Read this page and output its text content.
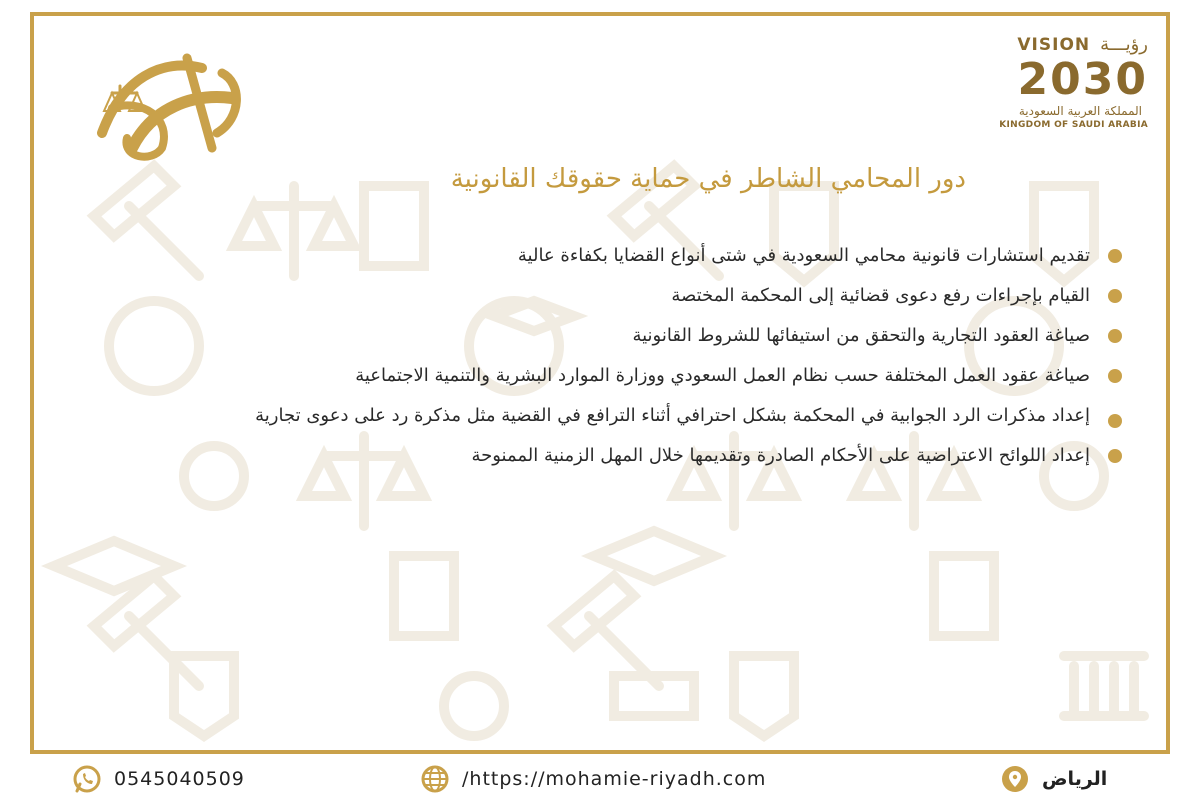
VISION رؤيـــة
2030
المملكة العربية السعودية
KINGDOM OF SAUDI ARABIA
دور المحامي الشاطر في حماية حقوقك القانونية
تقديم استشارات قانونية محامي السعودية في شتى أنواع القضايا بكفاءة عالية
القيام بإجراءات رفع دعوى قضائية إلى المحكمة المختصة
صياغة العقود التجارية والتحقق من استيفائها للشروط القانونية
صياغة عقود العمل المختلفة حسب نظام العمل السعودي ووزارة الموارد البشرية والتنمية الاجتماعية
إعداد مذكرات الرد الجوابية في المحكمة بشكل احترافي أثناء الترافع في القضية مثل مذكرة رد على دعوى تجارية
إعداد اللوائح الاعتراضية على الأحكام الصادرة وتقديمها خلال المهل الزمنية الممنوحة
0545040509	/https://mohamie-riyadh.com	الرياض
